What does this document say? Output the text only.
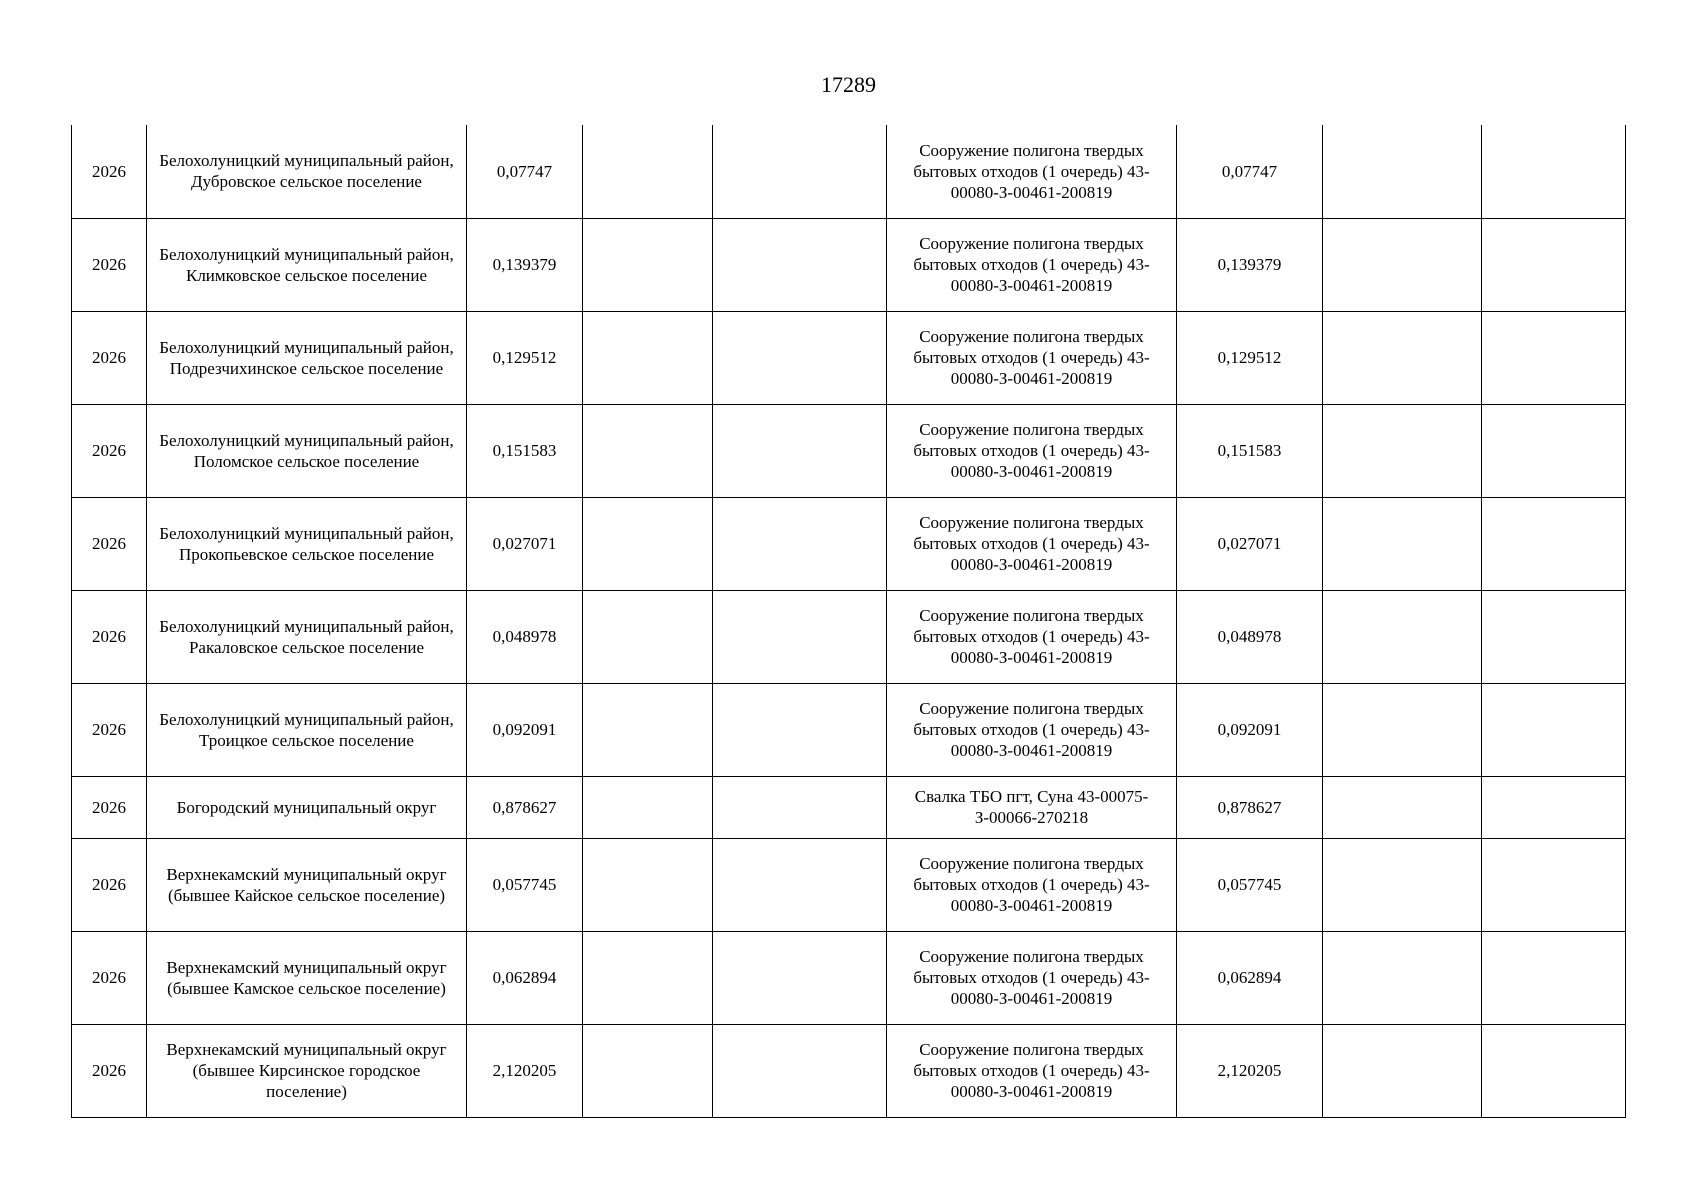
17289
2026	Белохолуницкий муниципальный район, Дубровское сельское поселение	0,07747			Сооружение полигона твердых бытовых отходов (1 очередь) 43-00080-З-00461-200819	0,07747		
2026	Белохолуницкий муниципальный район, Климковское сельское поселение	0,139379			Сооружение полигона твердых бытовых отходов (1 очередь) 43-00080-З-00461-200819	0,139379		
2026	Белохолуницкий муниципальный район, Подрезчихинское сельское поселение	0,129512			Сооружение полигона твердых бытовых отходов (1 очередь) 43-00080-З-00461-200819	0,129512		
2026	Белохолуницкий муниципальный район, Поломское сельское поселение	0,151583			Сооружение полигона твердых бытовых отходов (1 очередь) 43-00080-З-00461-200819	0,151583		
2026	Белохолуницкий муниципальный район, Прокопьевское сельское поселение	0,027071			Сооружение полигона твердых бытовых отходов (1 очередь) 43-00080-З-00461-200819	0,027071		
2026	Белохолуницкий муниципальный район, Ракаловское сельское поселение	0,048978			Сооружение полигона твердых бытовых отходов (1 очередь) 43-00080-З-00461-200819	0,048978		
2026	Белохолуницкий муниципальный район, Троицкое сельское поселение	0,092091			Сооружение полигона твердых бытовых отходов (1 очередь) 43-00080-З-00461-200819	0,092091		
2026	Богородский муниципальный округ	0,878627			Свалка ТБО пгт, Суна 43-00075-З-00066-270218	0,878627		
2026	Верхнекамский муниципальный округ (бывшее Кайское сельское поселение)	0,057745			Сооружение полигона твердых бытовых отходов (1 очередь) 43-00080-З-00461-200819	0,057745		
2026	Верхнекамский муниципальный округ (бывшее Камское сельское поселение)	0,062894			Сооружение полигона твердых бытовых отходов (1 очередь) 43-00080-З-00461-200819	0,062894		
2026	Верхнекамский муниципальный округ (бывшее Кирсинское городское поселение)	2,120205			Сооружение полигона твердых бытовых отходов (1 очередь) 43-00080-З-00461-200819	2,120205		
